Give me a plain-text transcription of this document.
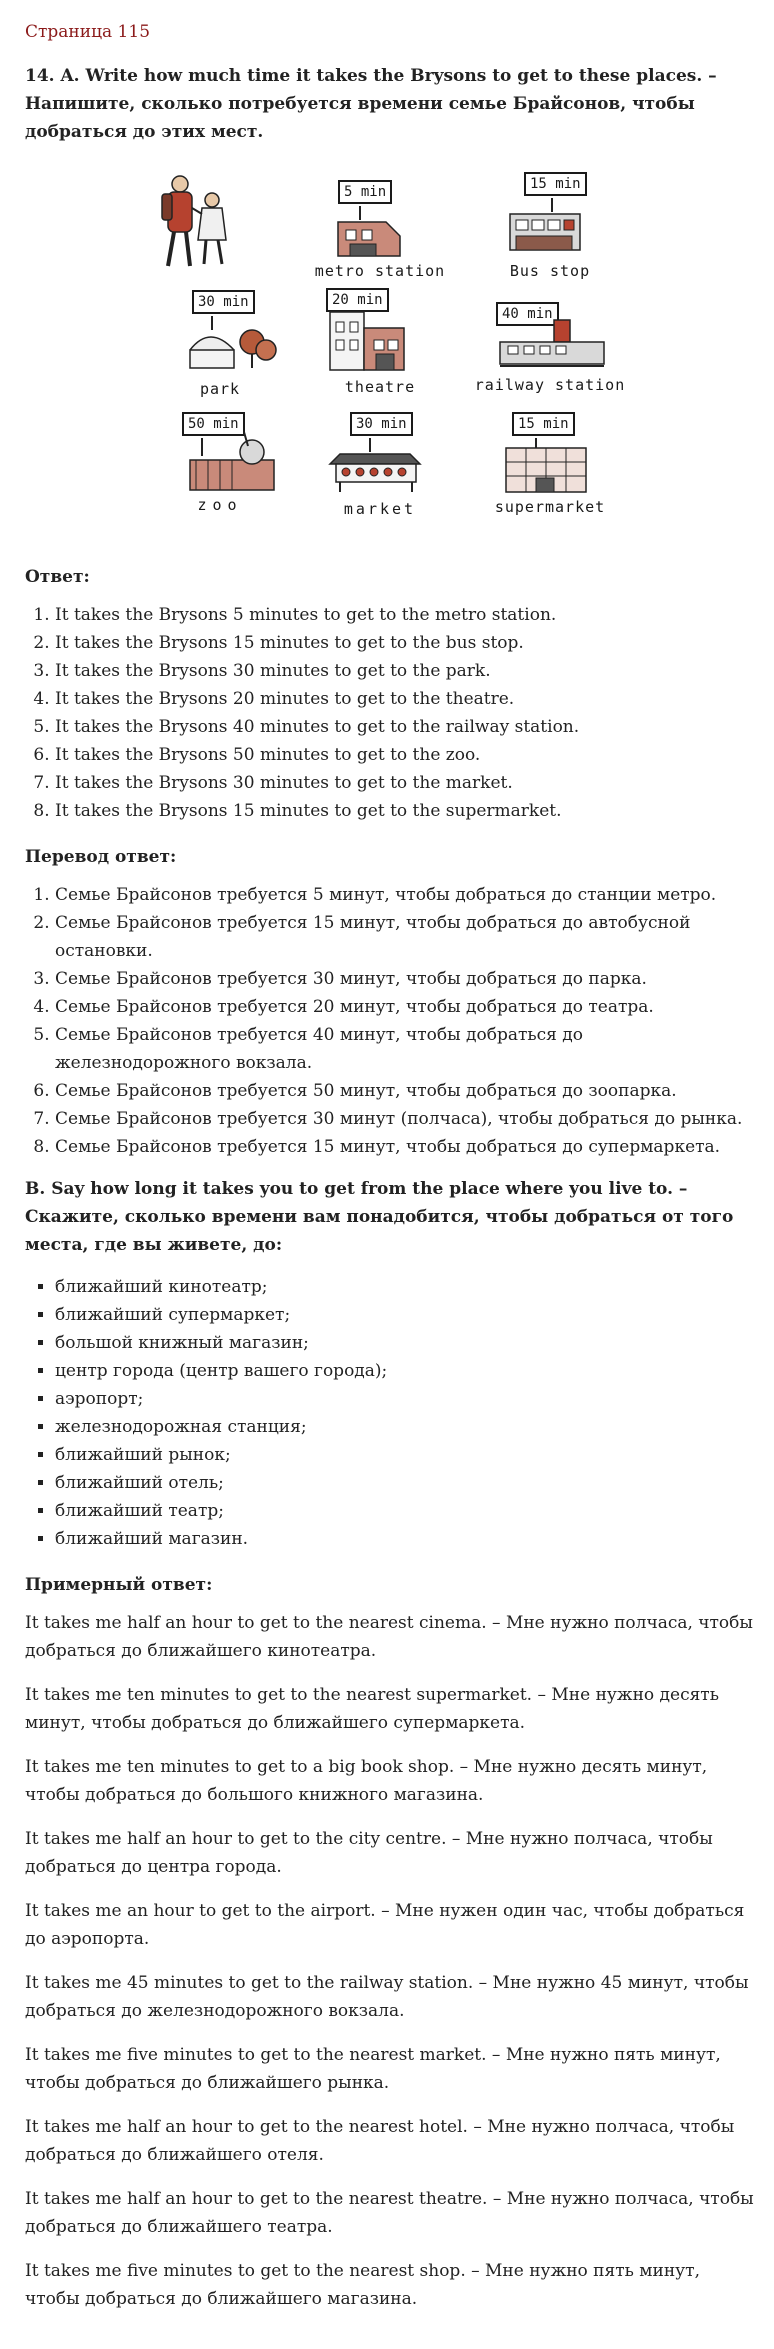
Страница 115
14. A. Write how much time it takes the Brysons to get to these places. – Напишите, сколько потребуется времени семье Брайсонов, чтобы добраться до этих мест.
5 min
metro station
15 min
Bus stop
30 min
park
20 min
theatre
40 min
railway station
50 min
zoo
30 min
market
15 min
supermarket
Ответ:
1. It takes the Brysons 5 minutes to get to the metro station.
2. It takes the Brysons 15 minutes to get to the bus stop.
3. It takes the Brysons 30 minutes to get to the park.
4. It takes the Brysons 20 minutes to get to the theatre.
5. It takes the Brysons 40 minutes to get to the railway station.
6. It takes the Brysons 50 minutes to get to the zoo.
7. It takes the Brysons 30 minutes to get to the market.
8. It takes the Brysons 15 minutes to get to the supermarket.
Перевод ответ:
1. Семье Брайсонов требуется 5 минут, чтобы добраться до станции метро.
2. Семье Брайсонов требуется 15 минут, чтобы добраться до автобусной остановки.
3. Семье Брайсонов требуется 30 минут, чтобы добраться до парка.
4. Семье Брайсонов требуется 20 минут, чтобы добраться до театра.
5. Семье Брайсонов требуется 40 минут, чтобы добраться до железнодорожного вокзала.
6. Семье Брайсонов требуется 50 минут, чтобы добраться до зоопарка.
7. Семье Брайсонов требуется 30 минут (полчаса), чтобы добраться до рынка.
8. Семье Брайсонов требуется 15 минут, чтобы добраться до супермаркета.
B. Say how long it takes you to get from the place where you live to. – Скажите, сколько времени вам понадобится, чтобы добраться от того места, где вы живете, до:
▪ ближайший кинотеатр;
▪ ближайший супермаркет;
▪ большой книжный магазин;
▪ центр города (центр вашего города);
▪ аэропорт;
▪ железнодорожная станция;
▪ ближайший рынок;
▪ ближайший отель;
▪ ближайший театр;
▪ ближайший магазин.
Примерный ответ:

It takes me half an hour to get to the nearest cinema. – Мне нужно полчаса, чтобы добраться до ближайшего кинотеатра.

It takes me ten minutes to get to the nearest supermarket. – Мне нужно десять минут, чтобы добраться до ближайшего супермаркета.

It takes me ten minutes to get to a big book shop. – Мне нужно десять минут, чтобы добраться до большого книжного магазина.

It takes me half an hour to get to the city centre. – Мне нужно полчаса, чтобы добраться до центра города.

It takes me an hour to get to the airport. – Мне нужен один час, чтобы добраться до аэропорта.

It takes me 45 minutes to get to the railway station. – Мне нужно 45 минут, чтобы добраться до железнодорожного вокзала.

It takes me five minutes to get to the nearest market. – Мне нужно пять минут, чтобы добраться до ближайшего рынка.

It takes me half an hour to get to the nearest hotel. – Мне нужно полчаса, чтобы добраться до ближайшего отеля.

It takes me half an hour to get to the nearest theatre. – Мне нужно полчаса, чтобы добраться до ближайшего театра.

It takes me five minutes to get to the nearest shop. – Мне нужно пять минут, чтобы добраться до ближайшего магазина.
